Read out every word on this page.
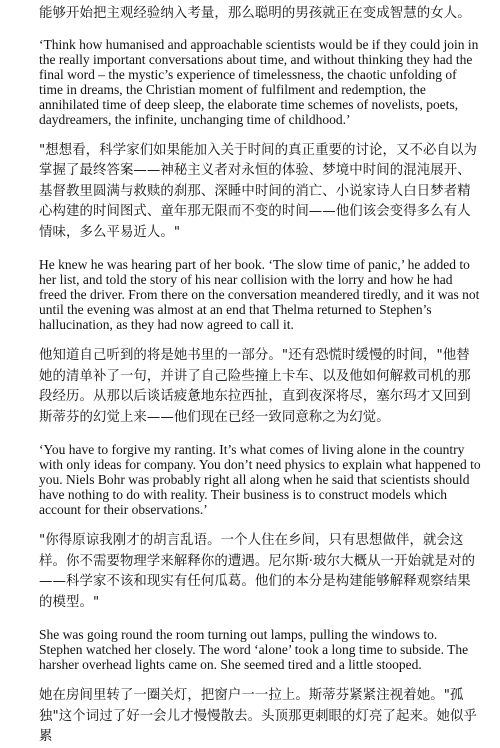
能够开始把主观经验纳入考量，那么聪明的男孩就正在变成智慧的女人。

‘Think how humanised and approachable scientists would be if they could join in the really important conversations about time, and without thinking they had the final word – the mystic’s experience of timelessness, the chaotic unfolding of time in dreams, the Christian moment of fulfilment and redemption, the annihilated time of deep sleep, the elaborate time schemes of novelists, poets, daydreamers, the infinite, unchanging time of childhood.’

"想想看，科学家们如果能加入关于时间的真正重要的讨论，又不必自以为掌握了最终答案——神秘主义者对永恒的体验、梦境中时间的混沌展开、基督教里圆满与救赎的刹那、深睡中时间的消亡、小说家诗人白日梦者精心构建的时间图式、童年那无限而不变的时间——他们该会变得多么有人情味，多么平易近人。"

He knew he was hearing part of her book. ‘The slow time of panic,’ he added to her list, and told the story of his near collision with the lorry and how he had freed the driver. From there on the conversation meandered tiredly, and it was not until the evening was almost at an end that Thelma returned to Stephen’s hallucination, as they had now agreed to call it.

他知道自己听到的将是她书里的一部分。"还有恐慌时缓慢的时间，"他替她的清单补了一句，并讲了自己险些撞上卡车、以及他如何解救司机的那段经历。从那以后谈话疲惫地东拉西扯，直到夜深将尽，塞尔玛才又回到斯蒂芬的幻觉上来——他们现在已经一致同意称之为幻觉。

‘You have to forgive my ranting. It’s what comes of living alone in the country with only ideas for company. You don’t need physics to explain what happened to you. Niels Bohr was probably right all along when he said that scientists should have nothing to do with reality. Their business is to construct models which account for their observations.’

"你得原谅我刚才的胡言乱语。一个人住在乡间，只有思想做伴，就会这样。你不需要物理学来解释你的遭遇。尼尔斯·玻尔大概从一开始就是对的——科学家不该和现实有任何瓜葛。他们的本分是构建能够解释观察结果的模型。"

She was going round the room turning out lamps, pulling the windows to. Stephen watched her closely. The word ‘alone’ took a long time to subside. The harsher overhead lights came on. She seemed tired and a little stooped.

她在房间里转了一圈关灯，把窗户一一拉上。斯蒂芬紧紧注视着她。"孤独"这个词过了好一会儿才慢慢散去。头顶那更刺眼的灯亮了起来。她似乎累
